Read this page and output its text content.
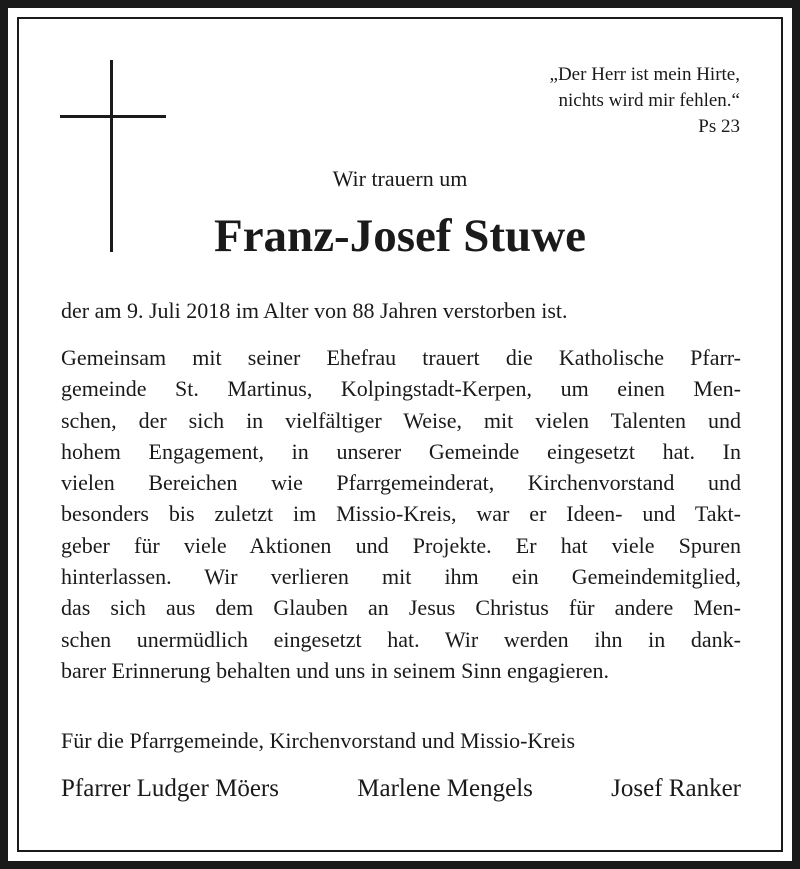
„Der Herr ist mein Hirte,
nichts wird mir fehlen.“
Ps 23
Wir trauern um
Franz-Josef Stuwe
der am 9. Juli 2018 im Alter von 88 Jahren verstorben ist.
Gemeinsam mit seiner Ehefrau trauert die Katholische Pfarr-
gemeinde St. Martinus, Kolpingstadt-Kerpen, um einen Men-
schen, der sich in vielfältiger Weise, mit vielen Talenten und
hohem Engagement, in unserer Gemeinde eingesetzt hat. In
vielen Bereichen wie Pfarrgemeinderat, Kirchenvorstand und
besonders bis zuletzt im Missio-Kreis, war er Ideen- und Takt-
geber für viele Aktionen und Projekte. Er hat viele Spuren
hinterlassen. Wir verlieren mit ihm ein Gemeindemitglied,
das sich aus dem Glauben an Jesus Christus für andere Men-
schen unermüdlich eingesetzt hat. Wir werden ihn in dank-
barer Erinnerung behalten und uns in seinem Sinn engagieren.
Für die Pfarrgemeinde, Kirchenvorstand und Missio-Kreis
Pfarrer Ludger Möers	Marlene Mengels	Josef Ranker
